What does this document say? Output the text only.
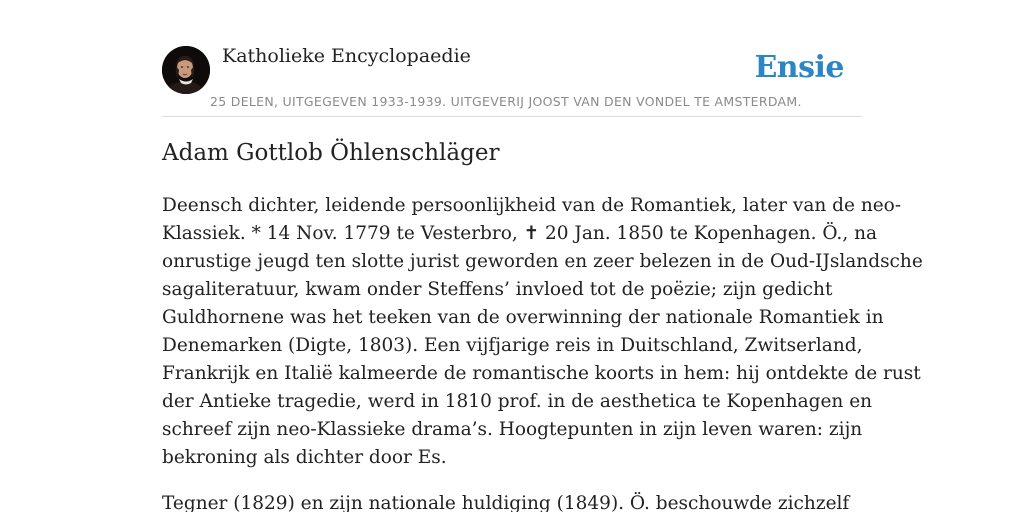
Katholieke Encyclopaedie	Ensie
25 DELEN, UITGEGEVEN 1933-1939. UITGEVERIJ JOOST VAN DEN VONDEL TE AMSTERDAM.
Adam Gottlob Öhlenschläger

Deensch dichter, leidende persoonlijkheid van de Romantiek, later van de neo-
Klassiek. * 14 Nov. 1779 te Vesterbro, ✝ 20 Jan. 1850 te Kopenhagen. Ö., na
onrustige jeugd ten slotte jurist geworden en zeer belezen in de Oud-IJslandsche
sagaliteratuur, kwam onder Steffens’ invloed tot de poëzie; zijn gedicht
Guldhornene was het teeken van de overwinning der nationale Romantiek in
Denemarken (Digte, 1803). Een vijfjarige reis in Duitschland, Zwitserland,
Frankrijk en Italië kalmeerde de romantische koorts in hem: hij ontdekte de rust
der Antieke tragedie, werd in 1810 prof. in de aesthetica te Kopenhagen en
schreef zijn neo-Klassieke drama’s. Hoogtepunten in zijn leven waren: zijn
bekroning als dichter door Es.

Tegner (1829) en zijn nationale huldiging (1849). Ö. beschouwde zichzelf
